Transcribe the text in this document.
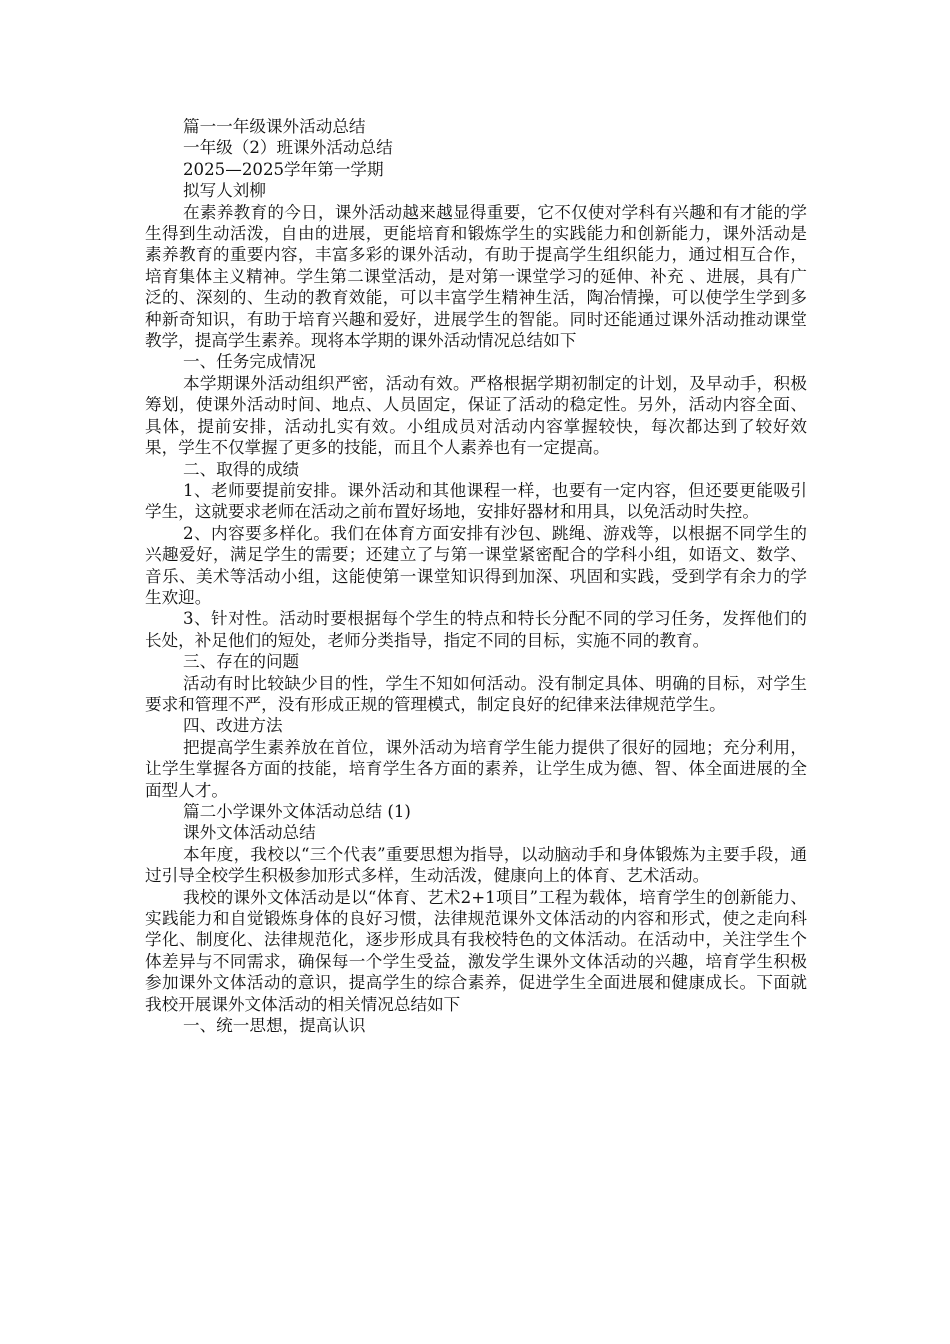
篇一一年级课外活动总结

一年级（2）班课外活动总结

2025—2025学年第一学期

拟写人刘柳

在素养教育的今日，课外活动越来越显得重要，它不仅使对学科有兴趣和有才能的学生得到生动活泼，自由的进展，更能培育和锻炼学生的实践能力和创新能力，课外活动是素养教育的重要内容，丰富多彩的课外活动，有助于提高学生组织能力，通过相互合作，培育集体主义精神。学生第二课堂活动，是对第一课堂学习的延伸、补充 、进展，具有广泛的、深刻的、生动的教育效能，可以丰富学生精神生活，陶冶情操，可以使学生学到多种新奇知识，有助于培育兴趣和爱好，进展学生的智能。同时还能通过课外活动推动课堂教学，提高学生素养。现将本学期的课外活动情况总结如下

一、任务完成情况

本学期课外活动组织严密，活动有效。严格根据学期初制定的计划，及早动手，积极筹划，使课外活动时间、地点、人员固定，保证了活动的稳定性。另外，活动内容全面、具体，提前安排，活动扎实有效。小组成员对活动内容掌握较快，每次都达到了较好效果，学生不仅掌握了更多的技能，而且个人素养也有一定提高。

二、取得的成绩

1、老师要提前安排。课外活动和其他课程一样，也要有一定内容，但还要更能吸引学生，这就要求老师在活动之前布置好场地，安排好器材和用具，以免活动时失控。

2、内容要多样化。我们在体育方面安排有沙包、跳绳、游戏等，以根据不同学生的兴趣爱好，满足学生的需要；还建立了与第一课堂紧密配合的学科小组，如语文、数学、音乐、美术等活动小组，这能使第一课堂知识得到加深、巩固和实践，受到学有余力的学生欢迎。

3、针对性。活动时要根据每个学生的特点和特长分配不同的学习任务，发挥他们的长处，补足他们的短处，老师分类指导，指定不同的目标，实施不同的教育。

三、存在的问题

活动有时比较缺少目的性，学生不知如何活动。没有制定具体、明确的目标，对学生要求和管理不严，没有形成正规的管理模式，制定良好的纪律来法律规范学生。

四、改进方法

把提高学生素养放在首位，课外活动为培育学生能力提供了很好的园地；充分利用，让学生掌握各方面的技能，培育学生各方面的素养，让学生成为德、智、体全面进展的全面型人才。

篇二小学课外文体活动总结 (1)

课外文体活动总结

本年度，我校以“三个代表”重要思想为指导，以动脑动手和身体锻炼为主要手段，通过引导全校学生积极参加形式多样，生动活泼，健康向上的体育、艺术活动。

我校的课外文体活动是以“体育、艺术2+1项目”工程为载体，培育学生的创新能力、实践能力和自觉锻炼身体的良好习惯，法律规范课外文体活动的内容和形式，使之走向科学化、制度化、法律规范化，逐步形成具有我校特色的文体活动。在活动中，关注学生个体差异与不同需求，确保每一个学生受益，激发学生课外文体活动的兴趣，培育学生积极参加课外文体活动的意识，提高学生的综合素养，促进学生全面进展和健康成长。下面就我校开展课外文体活动的相关情况总结如下

一、统一思想，提高认识
